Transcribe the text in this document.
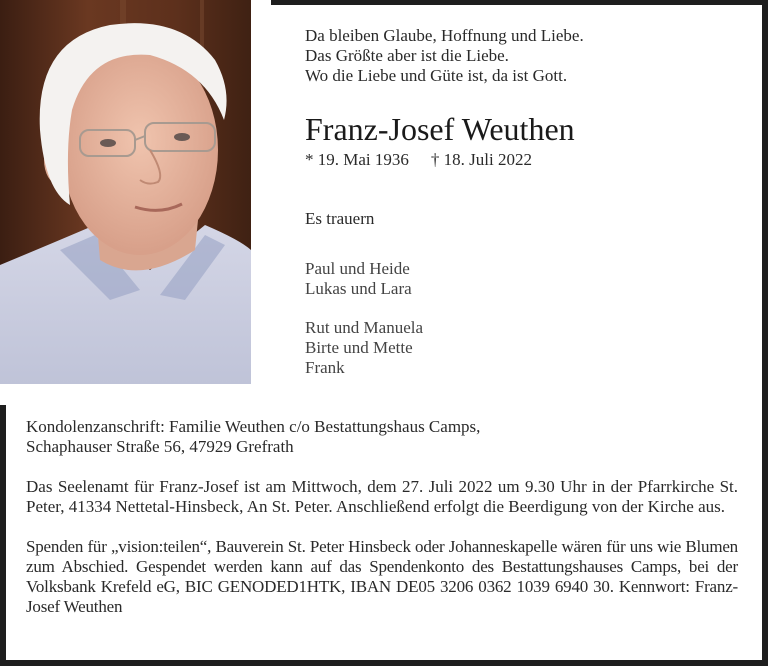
Da bleiben Glaube, Hoffnung und Liebe.
Das Größte aber ist die Liebe.
Wo die Liebe und Güte ist, da ist Gott.
Franz-Josef Weuthen
* 19. Mai 1936 † 18. Juli 2022
Es trauern
Paul und Heide
Lukas und Lara
Rut und Manuela
Birte und Mette
Frank

Kondolenzanschrift: Familie Weuthen c/o Bestattungshaus Camps,
Schaphauser Straße 56, 47929 Grefrath

Das Seelenamt für Franz-Josef ist am Mittwoch, dem 27. Juli 2022 um 9.30 Uhr in der Pfarrkirche St. Peter, 41334 Nettetal-Hinsbeck, An St. Peter. Anschließend erfolgt die Beerdigung von der Kirche aus.

Spenden für „vision:teilen“, Bauverein St. Peter Hinsbeck oder Johanneskapelle wären für uns wie Blumen zum Abschied. Gespendet werden kann auf das Spendenkonto des Bestattungshauses Camps, bei der Volksbank Krefeld eG, BIC GENODED1HTK, IBAN DE05 3206 0362 1039 6940 30. Kennwort: Franz-Josef Weuthen
